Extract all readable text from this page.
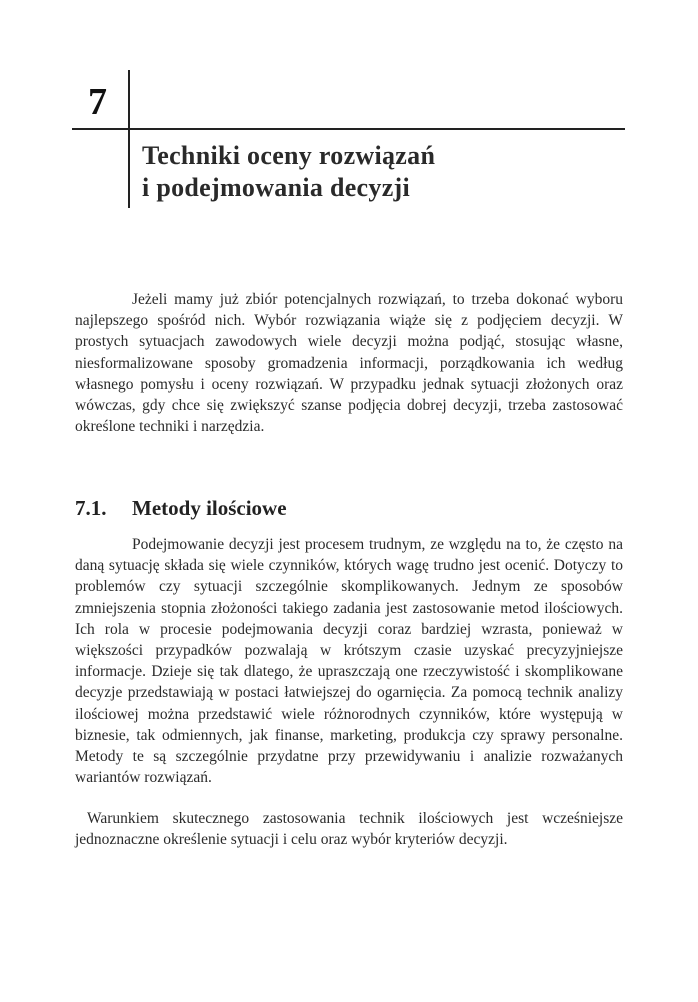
7
Techniki oceny rozwiązań
i podejmowania decyzji

Jeżeli mamy już zbiór potencjalnych rozwiązań, to trzeba dokonać wyboru najlepszego spośród nich. Wybór rozwiązania wiąże się z podjęciem decyzji. W prostych sytuacjach zawodowych wiele decyzji można podjąć, stosując własne, niesformalizowane sposoby gromadzenia informacji, porządkowania ich według własnego pomysłu i oceny rozwiązań. W przypadku jednak sytuacji złożonych oraz wówczas, gdy chce się zwiększyć szanse podjęcia dobrej decyzji, trzeba zastosować określone techniki i narzędzia.

7.1. Metody ilościowe

Podejmowanie decyzji jest procesem trudnym, ze względu na to, że często na daną sytuację składa się wiele czynników, których wagę trudno jest ocenić. Dotyczy to problemów czy sytuacji szczególnie skomplikowanych. Jednym ze sposobów zmniejszenia stopnia złożoności takiego zadania jest zastosowanie metod ilościowych. Ich rola w procesie podejmowania decyzji coraz bardziej wzrasta, ponieważ w większości przypadków pozwalają w krótszym czasie uzyskać precyzyjniejsze informacje. Dzieje się tak dlatego, że upraszczają one rzeczywistość i skomplikowane decyzje przedstawiają w postaci łatwiejszej do ogarnięcia. Za pomocą technik analizy ilościowej można przedstawić wiele różnorodnych czynników, które występują w biznesie, tak odmiennych, jak finanse, marketing, produkcja czy sprawy personalne. Metody te są szczególnie przydatne przy przewidywaniu i analizie rozważanych wariantów rozwiązań.

Warunkiem skutecznego zastosowania technik ilościowych jest wcześniejsze jednoznaczne określenie sytuacji i celu oraz wybór kryteriów decyzji.
